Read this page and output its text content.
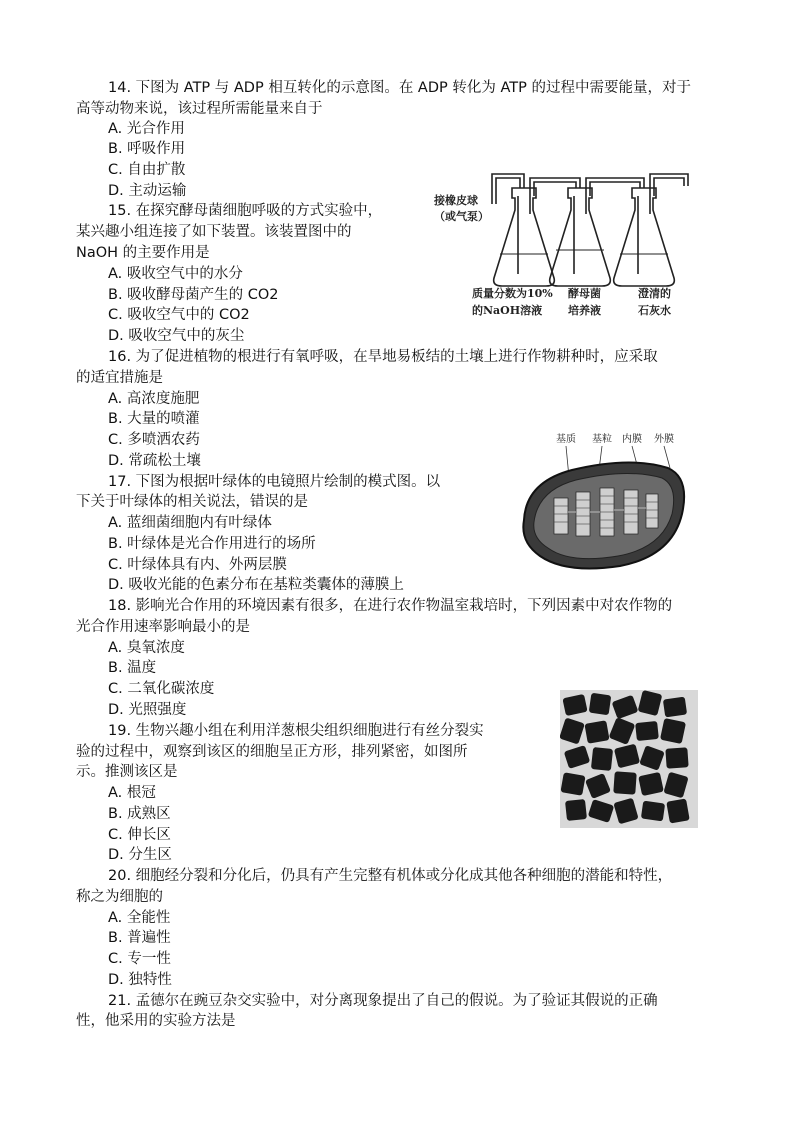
14. 下图为 ATP 与 ADP 相互转化的示意图。在 ADP 转化为 ATP 的过程中需要能量，对于
高等动物来说，该过程所需能量来自于
A. 光合作用
B. 呼吸作用
C. 自由扩散
D. 主动运输
15. 在探究酵母菌细胞呼吸的方式实验中，
某兴趣小组连接了如下装置。该装置图中的
NaOH 的主要作用是
A. 吸收空气中的水分
B. 吸收酵母菌产生的 CO2
C. 吸收空气中的 CO2
D. 吸收空气中的灰尘
接橡皮球
（或气泵）
质量分数为10%
的NaOH溶液
酵母菌
培养液
澄清的
石灰水
16. 为了促进植物的根进行有氧呼吸，在旱地易板结的土壤上进行作物耕种时，应采取
的适宜措施是
A. 高浓度施肥
B. 大量的喷灌
C. 多喷洒农药
D. 常疏松土壤
基质 基粒 内膜 外膜
17. 下图为根据叶绿体的电镜照片绘制的模式图。以
下关于叶绿体的相关说法，错误的是
A. 蓝细菌细胞内有叶绿体
B. 叶绿体是光合作用进行的场所
C. 叶绿体具有内、外两层膜
D. 吸收光能的色素分布在基粒类囊体的薄膜上
18. 影响光合作用的环境因素有很多，在进行农作物温室栽培时，下列因素中对农作物的
光合作用速率影响最小的是
A. 臭氧浓度
B. 温度
C. 二氧化碳浓度
D. 光照强度
19. 生物兴趣小组在利用洋葱根尖组织细胞进行有丝分裂实
验的过程中，观察到该区的细胞呈正方形，排列紧密，如图所
示。推测该区是
A. 根冠
B. 成熟区
C. 伸长区
D. 分生区
20. 细胞经分裂和分化后，仍具有产生完整有机体或分化成其他各种细胞的潜能和特性，
称之为细胞的
A. 全能性
B. 普遍性
C. 专一性
D. 独特性
21. 孟德尔在豌豆杂交实验中，对分离现象提出了自己的假说。为了验证其假说的正确
性，他采用的实验方法是
